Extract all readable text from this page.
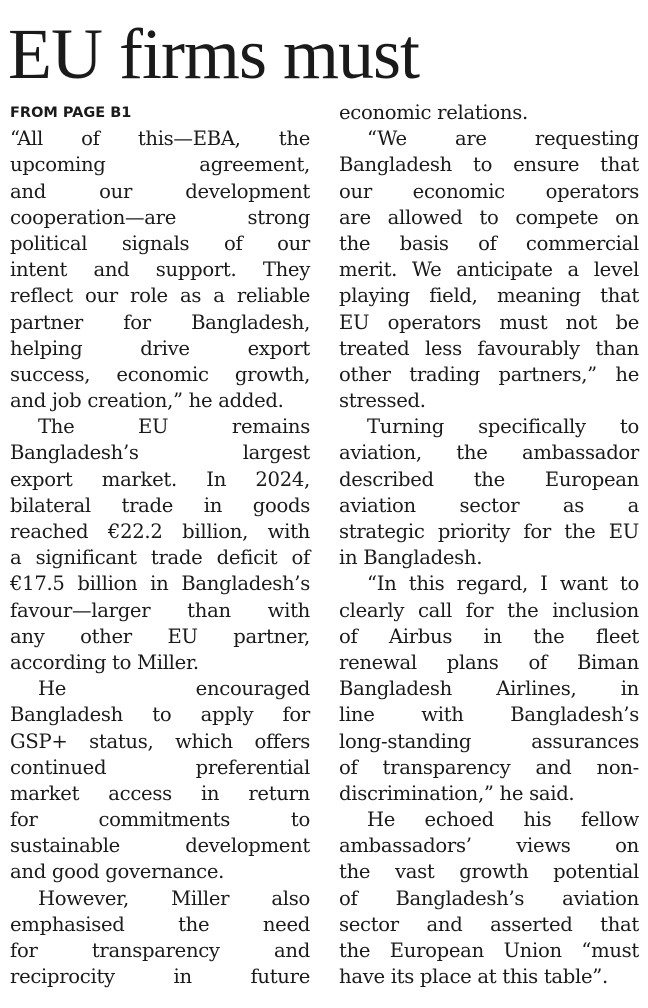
EU firms must
FROM PAGE B1
“All of this—EBA, the
upcoming agreement,
and our development
cooperation—are strong
political signals of our
intent and support. They
reflect our role as a reliable
partner for Bangladesh,
helping drive export
success, economic growth,
and job creation,” he added.
The EU remains
Bangladesh’s largest
export market. In 2024,
bilateral trade in goods
reached €22.2 billion, with
a significant trade deficit of
€17.5 billion in Bangladesh’s
favour—larger than with
any other EU partner,
according to Miller.
He encouraged
Bangladesh to apply for
GSP+ status, which offers
continued preferential
market access in return
for commitments to
sustainable development
and good governance.
However, Miller also
emphasised the need
for transparency and
reciprocity in future
economic relations.
“We are requesting
Bangladesh to ensure that
our economic operators
are allowed to compete on
the basis of commercial
merit. We anticipate a level
playing field, meaning that
EU operators must not be
treated less favourably than
other trading partners,” he
stressed.
Turning specifically to
aviation, the ambassador
described the European
aviation sector as a
strategic priority for the EU
in Bangladesh.
“In this regard, I want to
clearly call for the inclusion
of Airbus in the fleet
renewal plans of Biman
Bangladesh Airlines, in
line with Bangladesh’s
long-standing assurances
of transparency and non-
discrimination,” he said.
He echoed his fellow
ambassadors’ views on
the vast growth potential
of Bangladesh’s aviation
sector and asserted that
the European Union “must
have its place at this table”.
